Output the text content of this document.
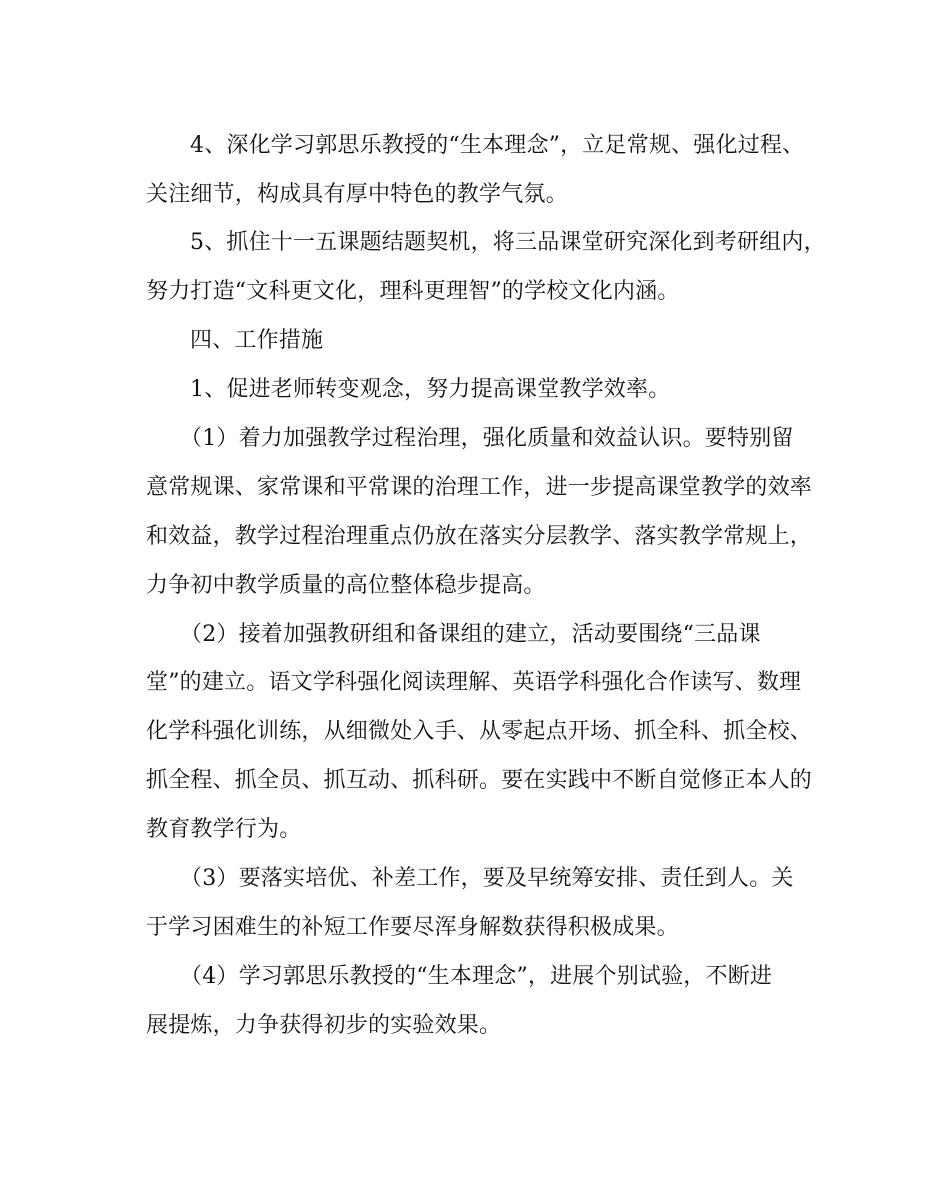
4、深化学习郭思乐教授的“生本理念”，立足常规、强化过程、
关注细节，构成具有厚中特色的教学气氛。
5、抓住十一五课题结题契机，将三品课堂研究深化到考研组内，
努力打造“文科更文化，理科更理智”的学校文化内涵。
四、工作措施
1、促进老师转变观念，努力提高课堂教学效率。
（1）着力加强教学过程治理，强化质量和效益认识。要特别留
意常规课、家常课和平常课的治理工作，进一步提高课堂教学的效率
和效益，教学过程治理重点仍放在落实分层教学、落实教学常规上，
力争初中教学质量的高位整体稳步提高。
（2）接着加强教研组和备课组的建立，活动要围绕“三品课
堂”的建立。语文学科强化阅读理解、英语学科强化合作读写、数理
化学科强化训练，从细微处入手、从零起点开场、抓全科、抓全校、
抓全程、抓全员、抓互动、抓科研。要在实践中不断自觉修正本人的
教育教学行为。
（3）要落实培优、补差工作，要及早统筹安排、责任到人。关
于学习困难生的补短工作要尽浑身解数获得积极成果。
（4）学习郭思乐教授的“生本理念”，进展个别试验，不断进
展提炼，力争获得初步的实验效果。
